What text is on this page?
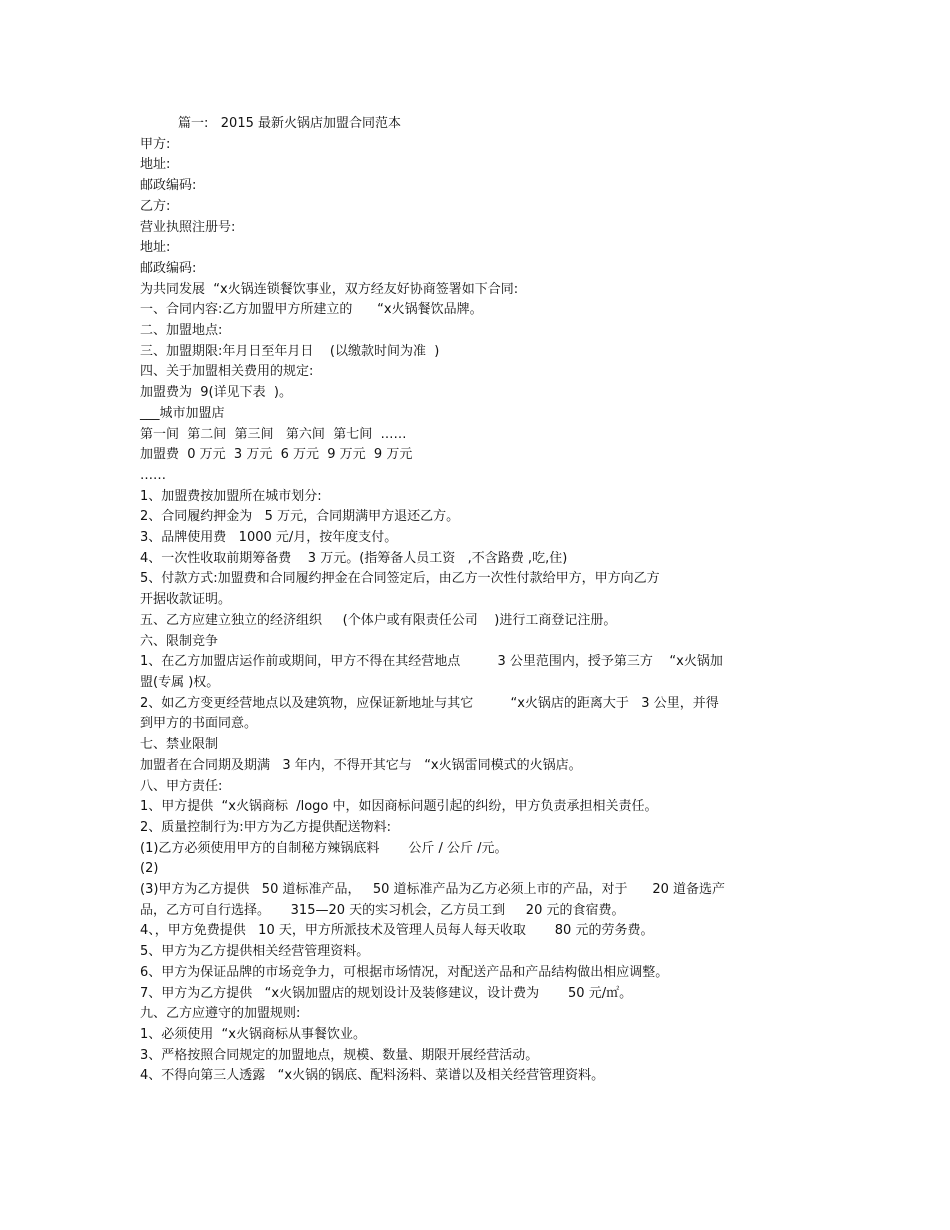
篇一:   2015 最新火锅店加盟合同范本

甲方:

地址:

邮政编码:

乙方:

营业执照注册号:

地址:

邮政编码:

为共同发展  “x火锅连锁餐饮事业，双方经友好协商签署如下合同:

一、合同内容:乙方加盟甲方所建立的      “x火锅餐饮品牌。

二、加盟地点:

三、加盟期限:年月日至年月日    (以缴款时间为准  )

四、关于加盟相关费用的规定:

加盟费为  9(详见下表  )。

___城市加盟店

第一间  第二间  第三间   第六间  第七间  ……

加盟费  0 万元  3 万元  6 万元  9 万元  9 万元

……

1、加盟费按加盟所在城市划分:

2、合同履约押金为   5 万元，合同期满甲方退还乙方。

3、品牌使用费   1000 元/月，按年度支付。

4、一次性收取前期筹备费    3 万元。(指筹备人员工资   ,不含路费 ,吃,住)

5、付款方式:加盟费和合同履约押金在合同签定后，由乙方一次性付款给甲方，甲方向乙方

开据收款证明。

五、乙方应建立独立的经济组织     (个体户或有限责任公司    )进行工商登记注册。

六、限制竞争

1、在乙方加盟店运作前或期间，甲方不得在其经营地点         3 公里范围内，授予第三方    “x火锅加

盟(专属 )权。

2、如乙方变更经营地点以及建筑物，应保证新地址与其它         “x火锅店的距离大于   3 公里，并得

到甲方的书面同意。

七、禁业限制

加盟者在合同期及期满   3 年内，不得开其它与   “x火锅雷同模式的火锅店。

八、甲方责任:

1、甲方提供  “x火锅商标  /logo 中，如因商标问题引起的纠纷，甲方负责承担相关责任。

2、质量控制行为:甲方为乙方提供配送物料:

(1)乙方必须使用甲方的自制秘方辣锅底料       公斤 / 公斤 /元。

(2)

(3)甲方为乙方提供   50 道标准产品，   50 道标准产品为乙方必须上市的产品，对于      20 道备选产

品，乙方可自行选择。     315—20 天的实习机会，乙方员工到     20 元的食宿费。

4、，甲方免费提供   10 天，甲方所派技术及管理人员每人每天收取       80 元的劳务费。

5、甲方为乙方提供相关经营管理资料。

6、甲方为保证品牌的市场竞争力，可根据市场情况，对配送产品和产品结构做出相应调整。

7、甲方为乙方提供   “x火锅加盟店的规划设计及装修建议，设计费为       50 元/㎡。

九、乙方应遵守的加盟规则:

1、必须使用  “x火锅商标从事餐饮业。

3、严格按照合同规定的加盟地点，规模、数量、期限开展经营活动。

4、不得向第三人透露   “x火锅的锅底、配料汤料、菜谱以及相关经营管理资料。
